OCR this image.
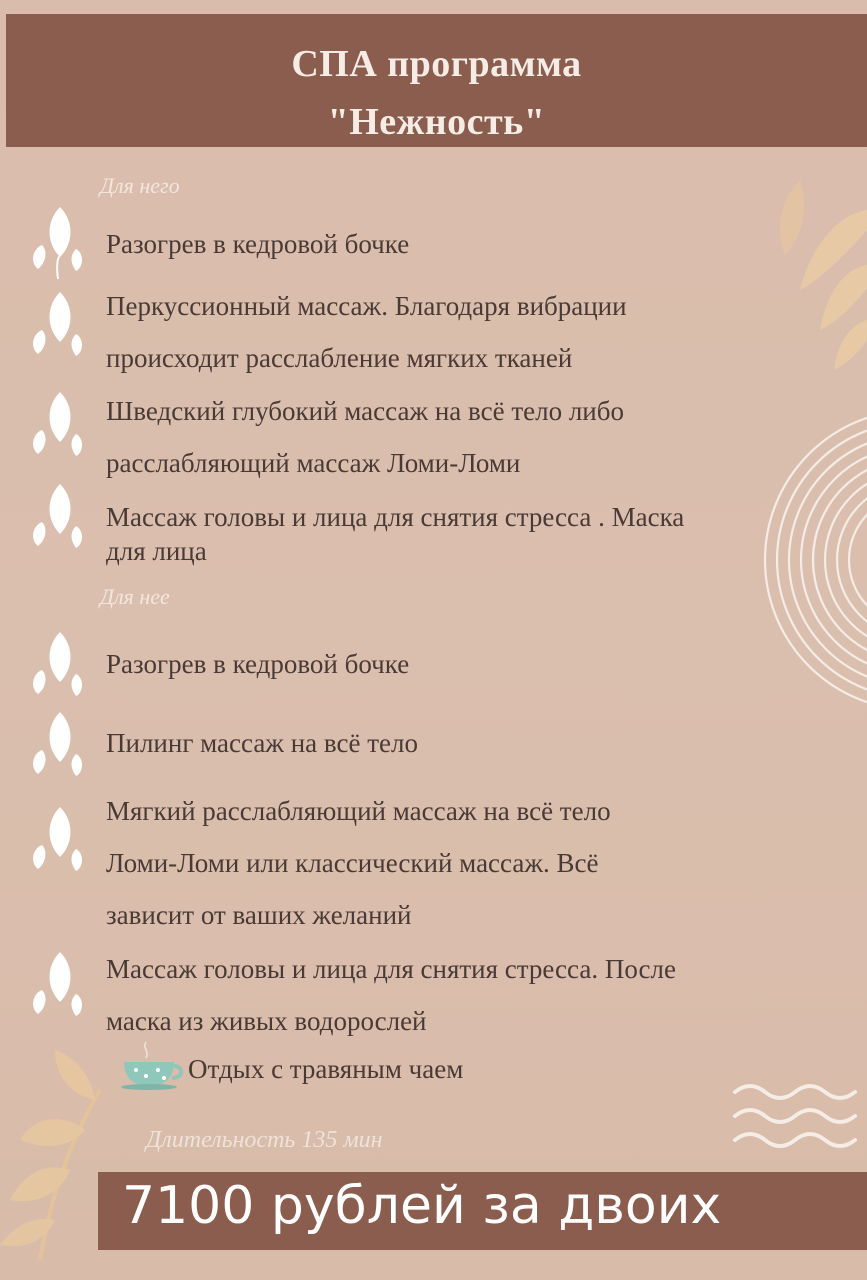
СПА программа
"Нежность"
Для него
Разогрев в кедровой бочке
Перкуссионный массаж. Благодаря вибрации
происходит расслабление мягких тканей
Шведский глубокий массаж на всё тело либо
расслабляющий массаж Ломи-Ломи
Массаж головы и лица для снятия стресса . Маска
для лица
Для нее
Разогрев в кедровой бочке
Пилинг массаж на всё тело
Мягкий расслабляющий массаж на всё тело
Ломи-Ломи или классический массаж. Всё
зависит от ваших желаний
Массаж головы и лица для снятия стресса. После
маска из живых водорослей
Отдых с травяным чаем
Длительность 135 мин
7100 рублей за двоих
